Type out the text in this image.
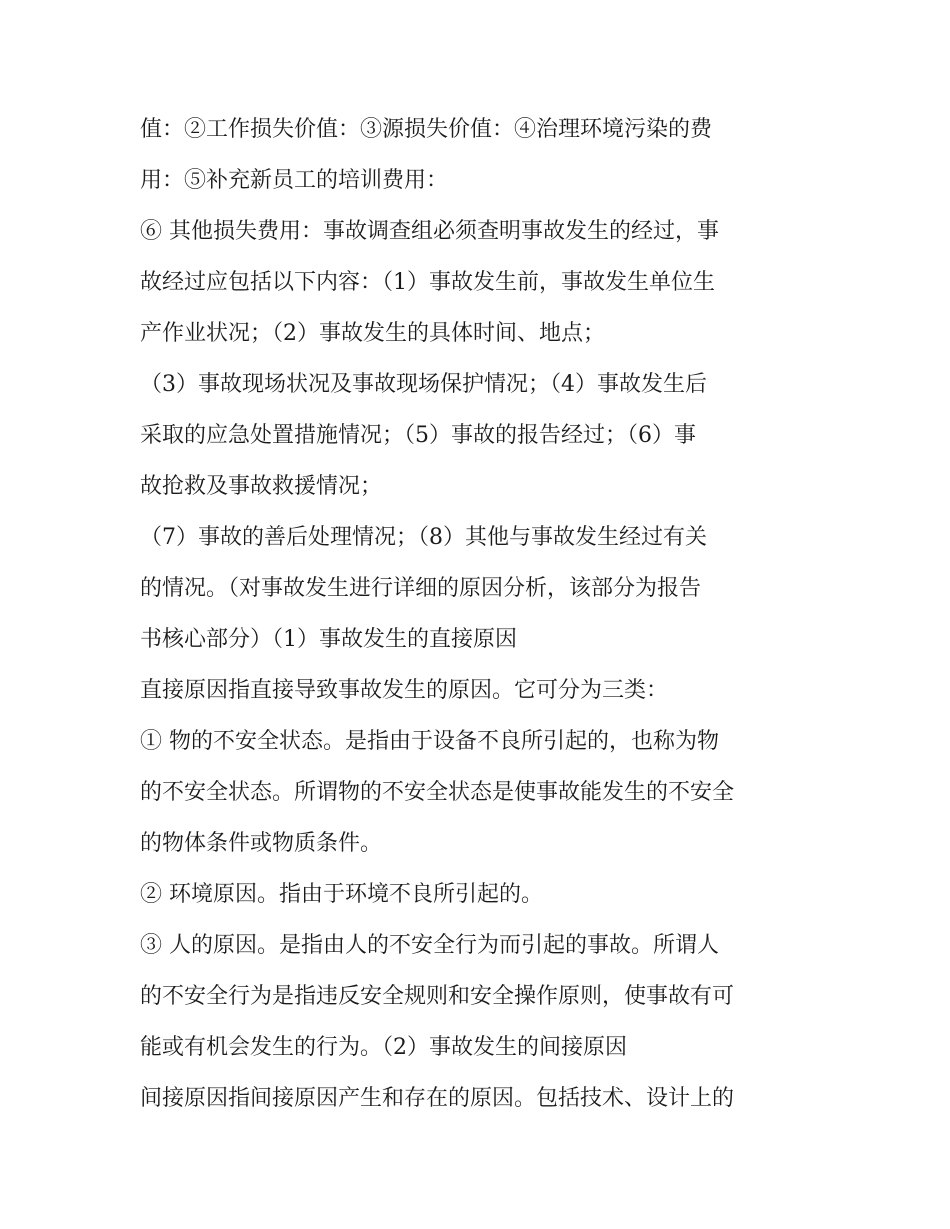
值：②工作损失价值：③源损失价值：④治理环境污染的费
用：⑤补充新员工的培训费用：
⑥ 其他损失费用：事故调查组必须查明事故发生的经过，事
故经过应包括以下内容：（1）事故发生前，事故发生单位生
产作业状况；（2）事故发生的具体时间、地点；
（3）事故现场状况及事故现场保护情况；（4）事故发生后
采取的应急处置措施情况；（5）事故的报告经过；（6）事
故抢救及事故救援情况；
（7）事故的善后处理情况；（8）其他与事故发生经过有关
的情况。（对事故发生进行详细的原因分析，该部分为报告
书核心部分）（1）事故发生的直接原因
直接原因指直接导致事故发生的原因。它可分为三类：
① 物的不安全状态。是指由于设备不良所引起的，也称为物
的不安全状态。所谓物的不安全状态是使事故能发生的不安全
的物体条件或物质条件。
② 环境原因。指由于环境不良所引起的。
③ 人的原因。是指由人的不安全行为而引起的事故。所谓人
的不安全行为是指违反安全规则和安全操作原则，使事故有可
能或有机会发生的行为。（2）事故发生的间接原因
间接原因指间接原因产生和存在的原因。包括技术、设计上的
